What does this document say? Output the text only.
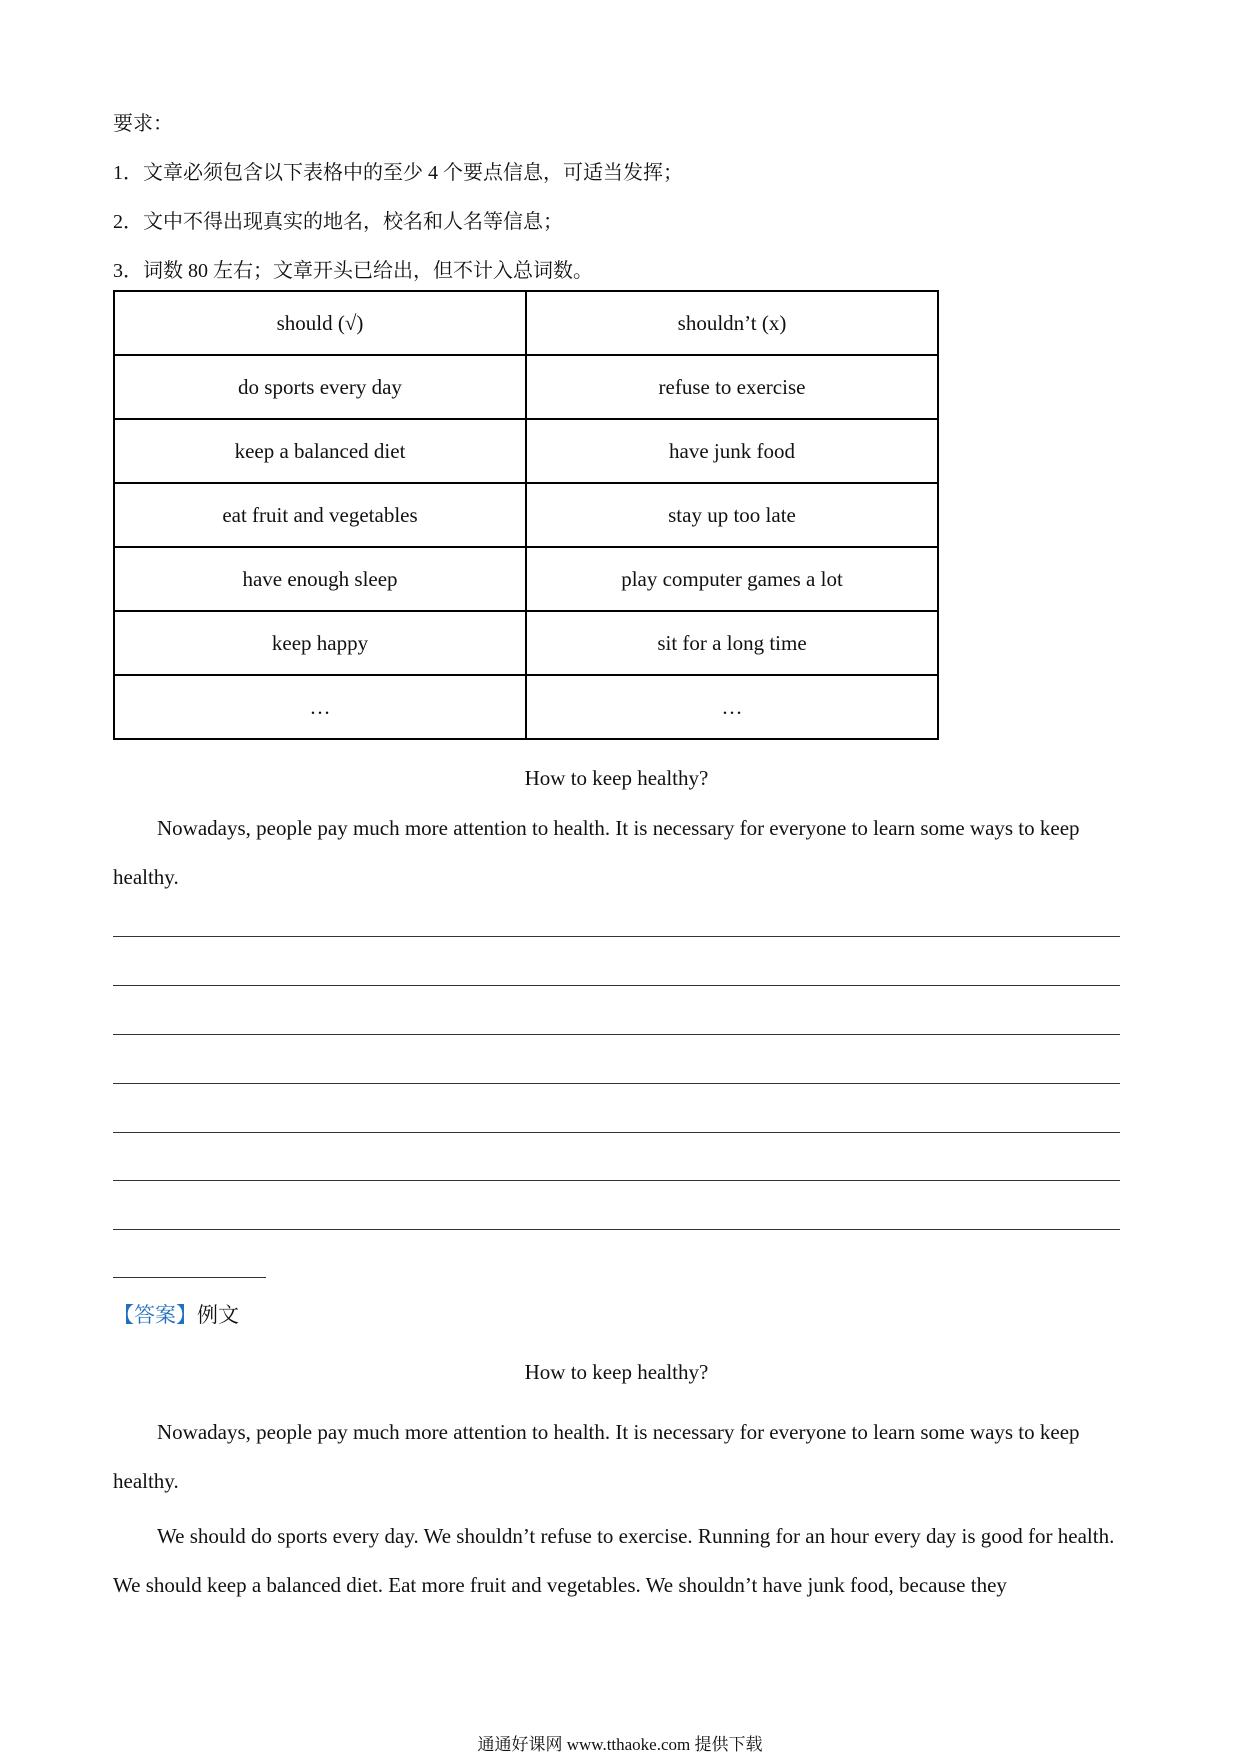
要求：
1．文章必须包含以下表格中的至少 4 个要点信息，可适当发挥；
2．文中不得出现真实的地名，校名和人名等信息；
3．词数 80 左右；文章开头已给出，但不计入总词数。
should (√)	shouldn’t (x)
do sports every day	refuse to exercise
keep a balanced diet	have junk food
eat fruit and vegetables	stay up too late
have enough sleep	play computer games a lot
keep happy	sit for a long time
…	…
How to keep healthy?
Nowadays, people pay much more attention to health. It is necessary for everyone to learn some ways to keep healthy.
【答案】例文
How to keep healthy?
Nowadays, people pay much more attention to health. It is necessary for everyone to learn some ways to keep healthy.
We should do sports every day. We shouldn’t refuse to exercise. Running for an hour every day is good for health. We should keep a balanced diet. Eat more fruit and vegetables. We shouldn’t have junk food, because they
通通好课网 www.tthaoke.com 提供下载
